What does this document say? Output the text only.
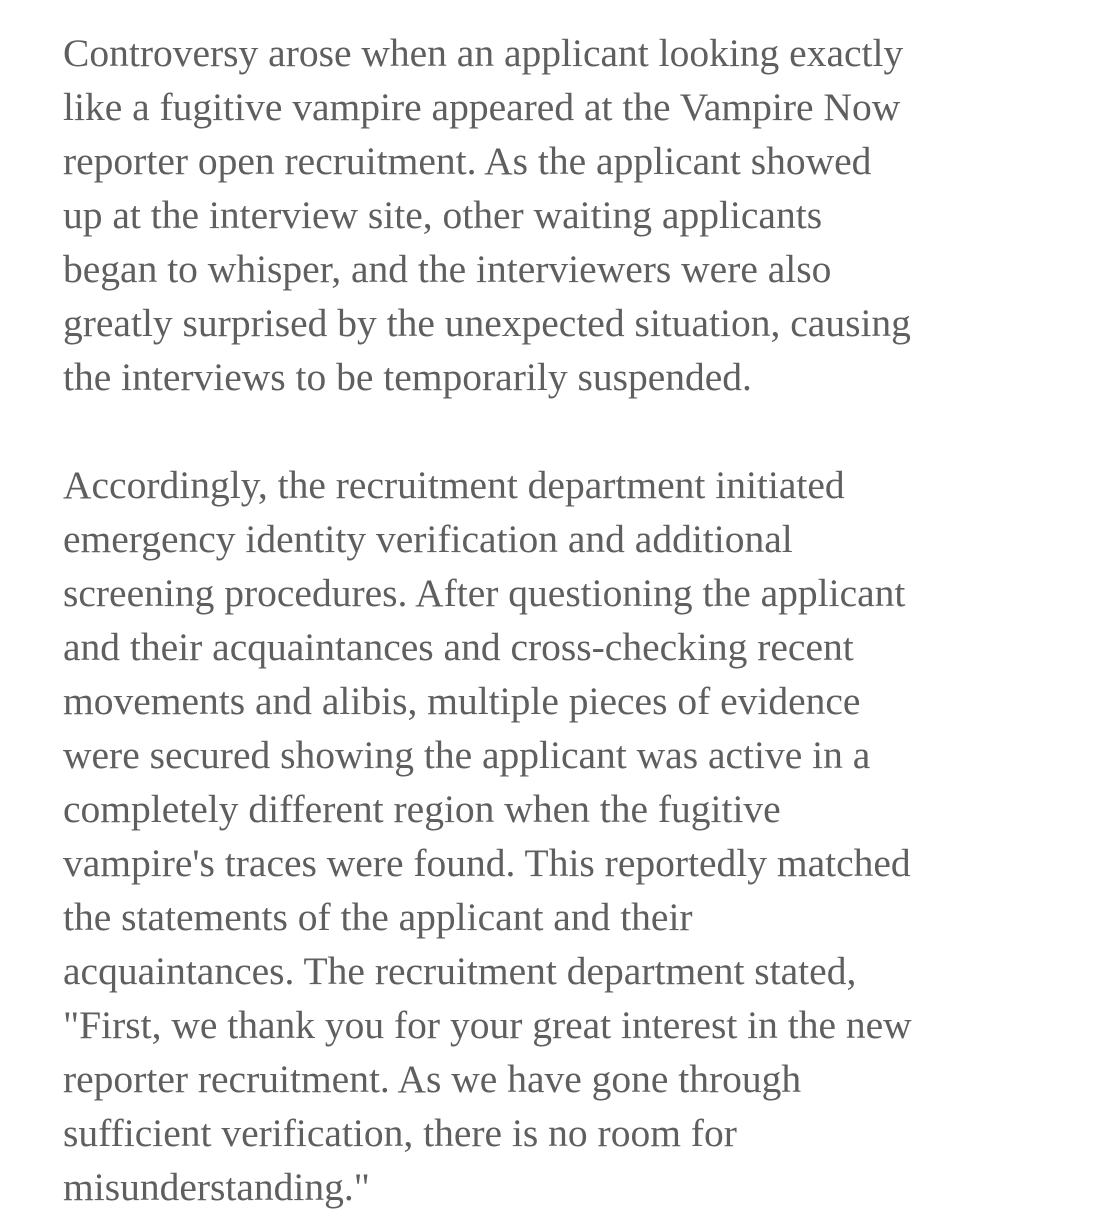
Controversy arose when an applicant looking exactly
like a fugitive vampire appeared at the Vampire Now
reporter open recruitment. As the applicant showed
up at the interview site, other waiting applicants
began to whisper, and the interviewers were also
greatly surprised by the unexpected situation, causing
the interviews to be temporarily suspended.

Accordingly, the recruitment department initiated
emergency identity verification and additional
screening procedures. After questioning the applicant
and their acquaintances and cross-checking recent
movements and alibis, multiple pieces of evidence
were secured showing the applicant was active in a
completely different region when the fugitive
vampire's traces were found. This reportedly matched
the statements of the applicant and their
acquaintances. The recruitment department stated,
"First, we thank you for your great interest in the new
reporter recruitment. As we have gone through
sufficient verification, there is no room for
misunderstanding."
